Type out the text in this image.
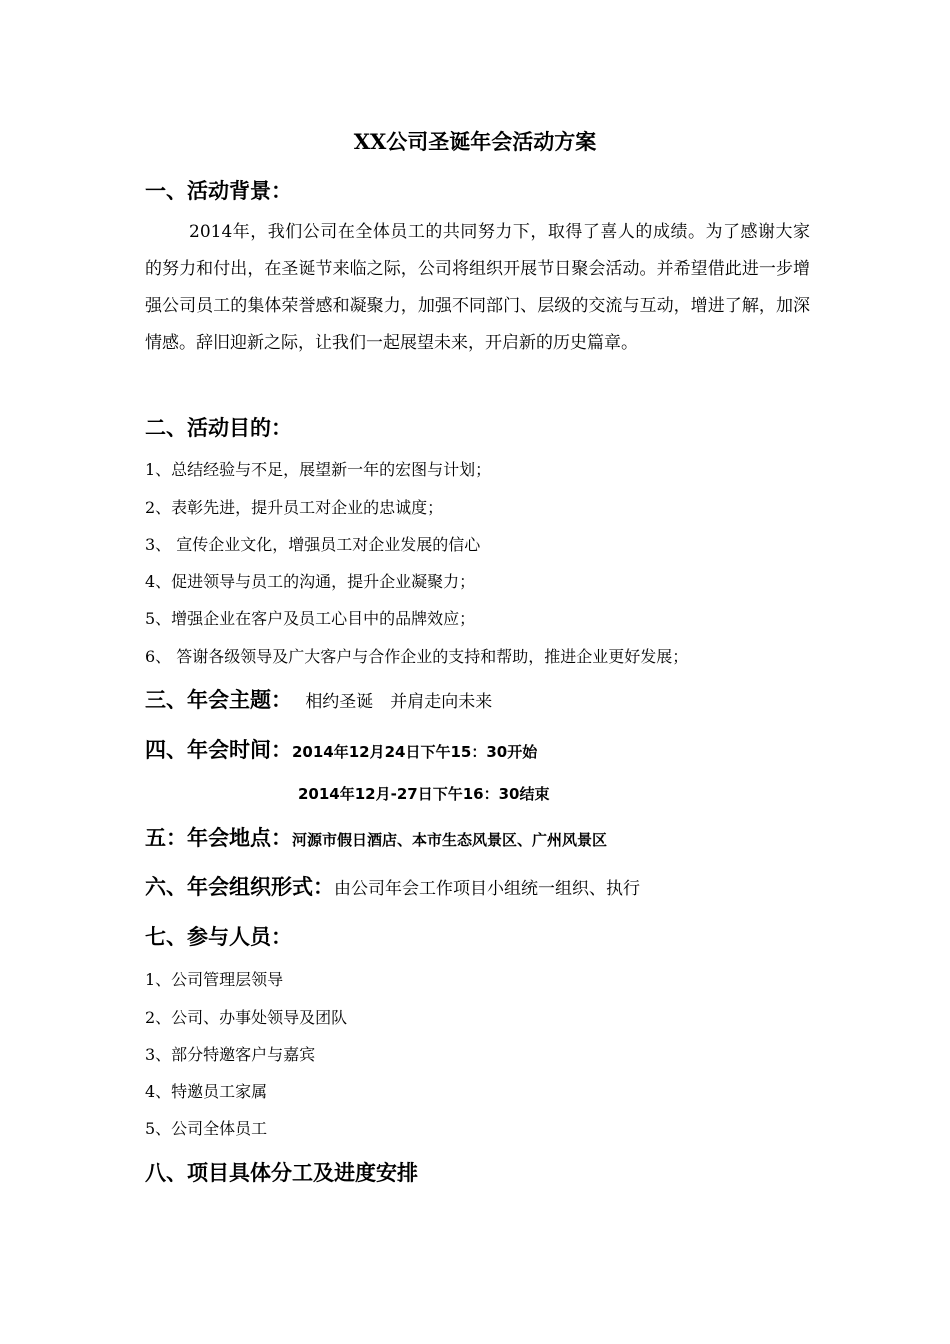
XX公司圣诞年会活动方案
一、活动背景：
2014年，我们公司在全体员工的共同努力下，取得了喜人的成绩。为了感谢大家的努力和付出，在圣诞节来临之际，公司将组织开展节日聚会活动。并希望借此进一步增强公司员工的集体荣誉感和凝聚力，加强不同部门、层级的交流与互动，增进了解，加深情感。辞旧迎新之际，让我们一起展望未来，开启新的历史篇章。
二、活动目的：
1、总结经验与不足，展望新一年的宏图与计划；
2、表彰先进，提升员工对企业的忠诚度；
3、 宣传企业文化，增强员工对企业发展的信心
4、促进领导与员工的沟通，提升企业凝聚力；
5、增强企业在客户及员工心目中的品牌效应；
6、 答谢各级领导及广大客户与合作企业的支持和帮助，推进企业更好发展；
三、年会主题： 相约圣诞　并肩走向未来
四、年会时间：2014年12月24日下午15：30开始
2014年12月-27日下午16：30结束
五：年会地点：河源市假日酒店、本市生态风景区、广州风景区
六、年会组织形式：由公司年会工作项目小组统一组织、执行
七、参与人员：
1、公司管理层领导
2、公司、办事处领导及团队
3、部分特邀客户与嘉宾
4、特邀员工家属
5、公司全体员工
八、项目具体分工及进度安排
